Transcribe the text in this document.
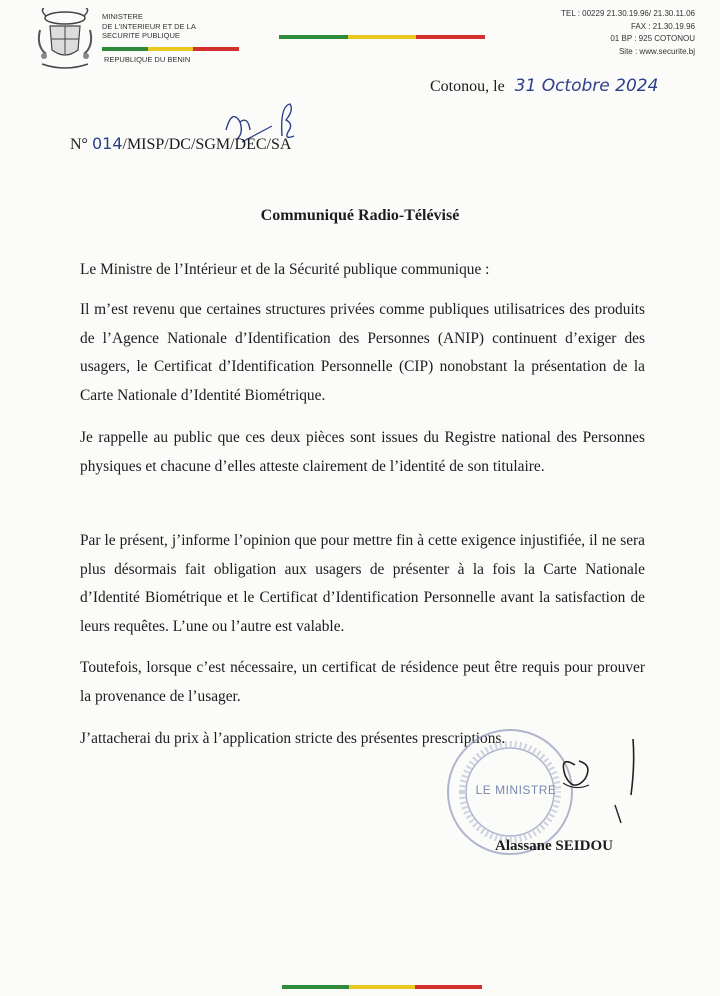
MINISTERE
DE L'INTERIEUR ET DE LA
SECURITE PUBLIQUE
REPUBLIQUE DU BENIN
TEL : 00229 21.30.19.96/ 21.30.11.06
FAX : 21.30.19.96
01 BP : 925 COTONOU
Site : www.securite.bj
Cotonou, le 31 Octobre 2024
N° 014/MISP/DC/SGM/DEC/SA
Communiqué Radio-Télévisé
Le Ministre de l’Intérieur et de la Sécurité publique communique :
Il m’est revenu que certaines structures privées comme publiques utilisatrices des produits de l’Agence Nationale d’Identification des Personnes (ANIP) continuent d’exiger des usagers, le Certificat d’Identification Personnelle (CIP) nonobstant la présentation de la Carte Nationale d’Identité Biométrique.
Je rappelle au public que ces deux pièces sont issues du Registre national des Personnes physiques et chacune d’elles atteste clairement de l’identité de son titulaire.
Par le présent, j’informe l’opinion que pour mettre fin à cette exigence injustifiée, il ne sera plus désormais fait obligation aux usagers de présenter à la fois la Carte Nationale d’Identité Biométrique et le Certificat d’Identification Personnelle avant la satisfaction de leurs requêtes. L’une ou l’autre est valable.
Toutefois, lorsque c’est nécessaire, un certificat de résidence peut être requis pour prouver la provenance de l’usager.
J’attacherai du prix à l’application stricte des présentes prescriptions.
LE MINISTRE
Alassane SEIDOU
